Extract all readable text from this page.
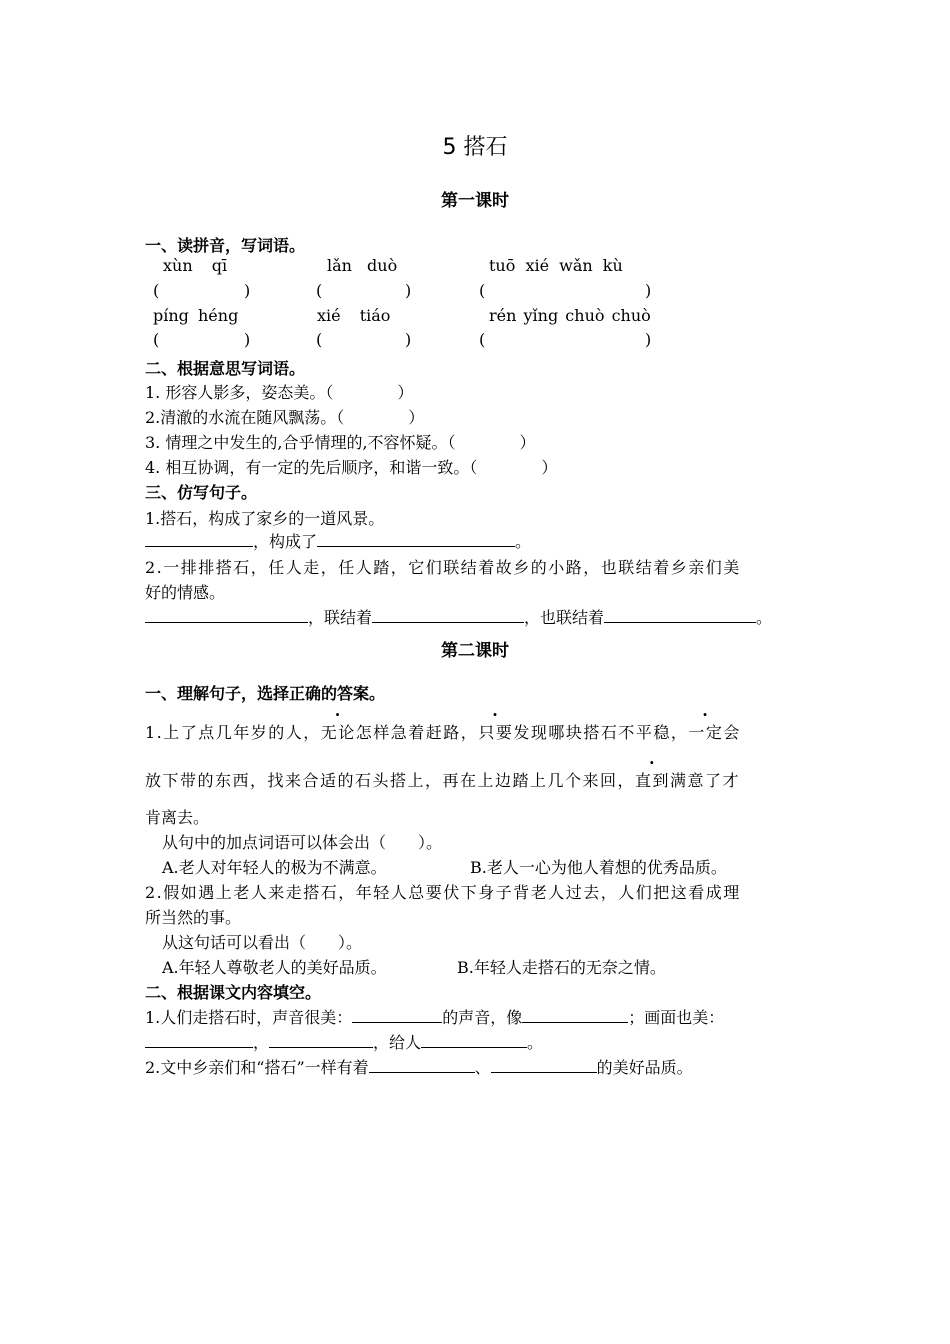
5 搭石
第一课时
一、读拼音，写词语。
xùn qī	lǎn duò	tuō xié wǎn kù
(	)	(	)	(	)
píng héng	xié tiáo	rén yǐng chuò chuò
(	)	(	)	(	)
二、根据意思写词语。
1. 形容人影多，姿态美。（　　　　）
2.清澈的水流在随风飘荡。（　　　　）
3. 情理之中发生的,合乎情理的,不容怀疑。（　　　　）
4. 相互协调，有一定的先后顺序，和谐一致。（　　　　）
三、仿写句子。
1.搭石，构成了家乡的一道风景。
，构成了	。
2.一排排搭石，任人走，任人踏，它们联结着故乡的小路，也联结着乡亲们美
好的情感。
，联结着	，也联结着	。
第二课时
一、理解句子，选择正确的答案。
1.上了点几年岁的人，无论怎样急着赶路，只要发现哪块搭石不平稳，一定会
放下带的东西，找来合适的石头搭上，再在上边踏上几个来回，直到满意了才
肯离去。
从句中的加点词语可以体会出（　　）。
A.老人对年轻人的极为不满意。	B.老人一心为他人着想的优秀品质。
2.假如遇上老人来走搭石，年轻人总要伏下身子背老人过去，人们把这看成理
所当然的事。
从这句话可以看出（　　）。
A.年轻人尊敬老人的美好品质。	B.年轻人走搭石的无奈之情。
二、根据课文内容填空。
1.人们走搭石时，声音很美：	的声音，像	；画面也美：
，	，给人	。
2.文中乡亲们和“搭石”一样有着	、	的美好品质。
